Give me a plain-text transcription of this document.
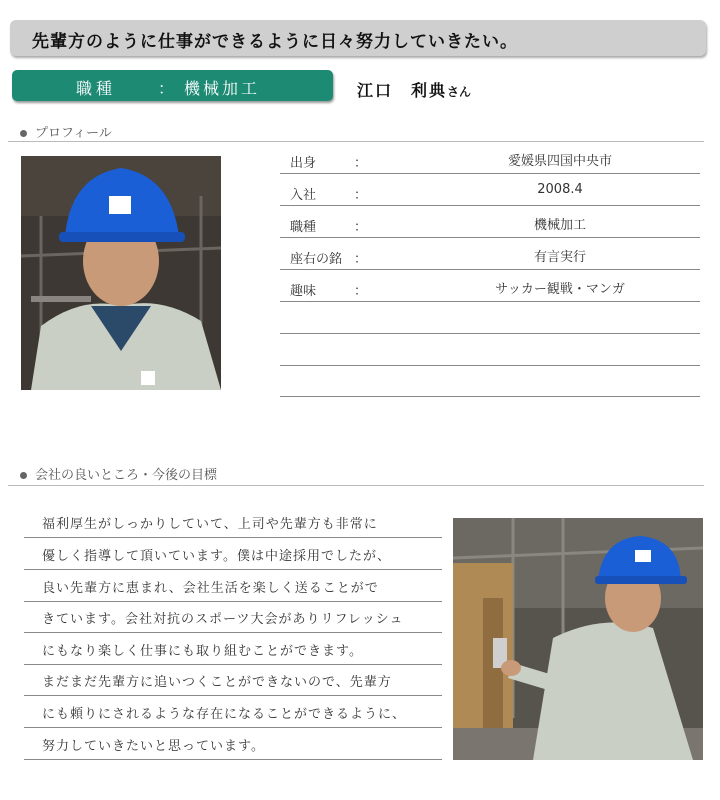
先輩方のように仕事ができるように日々努力していきたい。
職種	： 機械加工	江口 利典さん
プロフィール
出身	：	愛媛県四国中央市
入社	：	2008.4
職種	：	機械加工
座右の銘 ：	有言実行
趣味	：	サッカー観戦・マンガ
会社の良いところ・今後の目標
福利厚生がしっかりしていて、上司や先輩方も非常に
優しく指導して頂いています。僕は中途採用でしたが、
良い先輩方に恵まれ、会社生活を楽しく送ることがで
きています。会社対抗のスポーツ大会がありリフレッシュ
にもなり楽しく仕事にも取り組むことができます。
まだまだ先輩方に追いつくことができないので、先輩方
にも頼りにされるような存在になることができるように、
努力していきたいと思っています。
